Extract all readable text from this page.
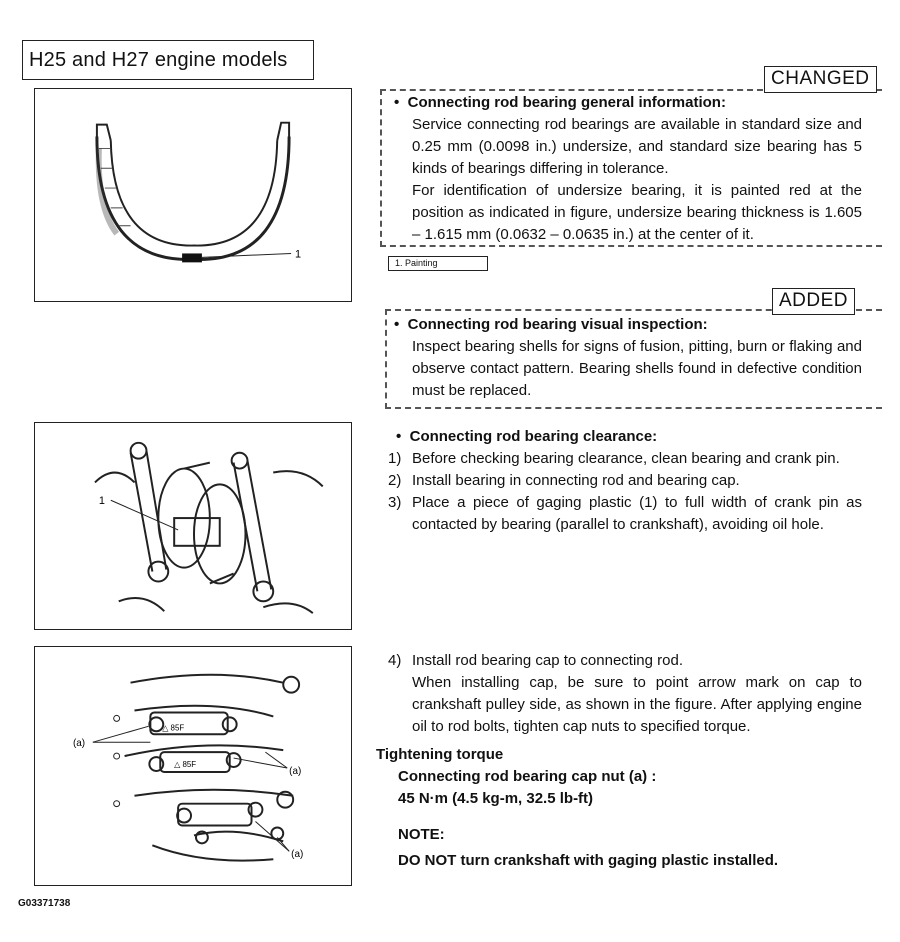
H25 and H27 engine models
1
1. Painting
CHANGED
• Connecting rod bearing general information:
Service connecting rod bearings are available in standard size and 0.25 mm (0.0098 in.) undersize, and standard size bearing has 5 kinds of bearings differing in tolerance.
For identification of undersize bearing, it is painted red at the position as indicated in figure, undersize bearing thickness is 1.605 – 1.615 mm (0.0632 – 0.0635 in.) at the center of it.
ADDED
• Connecting rod bearing visual inspection:
Inspect bearing shells for signs of fusion, pitting, burn or flaking and observe contact pattern. Bearing shells found in defective condition must be replaced.
1
• Connecting rod bearing clearance:
1) Before checking bearing clearance, clean bearing and crank pin.
2) Install bearing in connecting rod and bearing cap.
3) Place a piece of gaging plastic (1) to full width of crank pin as contacted by bearing (parallel to crankshaft), avoiding oil hole.
△ 85F
△ 85F
(a)
(a)
(a)
4) Install rod bearing cap to connecting rod.
When installing cap, be sure to point arrow mark on cap to crankshaft pulley side, as shown in the figure. After applying engine oil to rod bolts, tighten cap nuts to specified torque.
Tightening torque
Connecting rod bearing cap nut (a) :
45 N·m (4.5 kg-m, 32.5 lb-ft)
NOTE:
DO NOT turn crankshaft with gaging plastic installed.
G03371738
